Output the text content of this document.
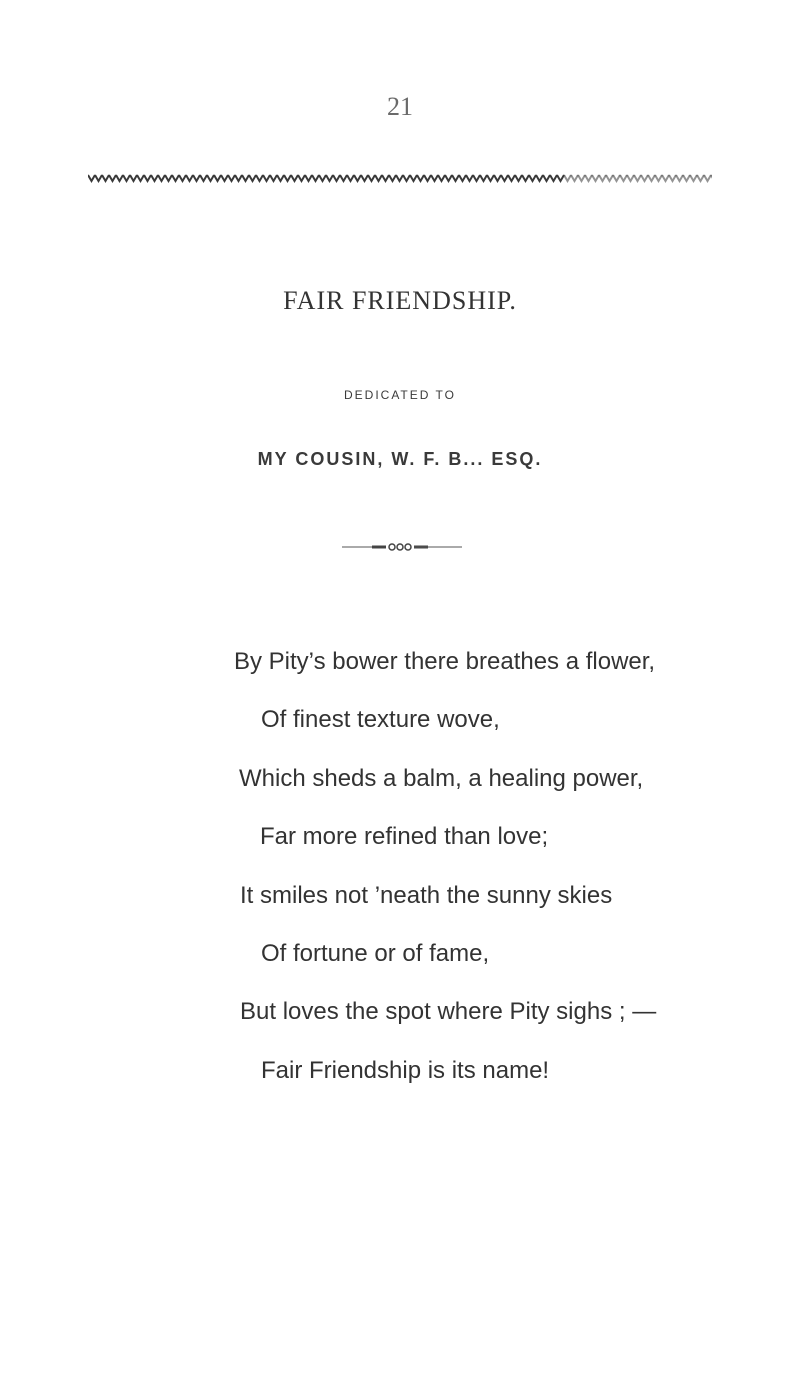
21
FAIR FRIENDSHIP.
DEDICATED TO
MY COUSIN, W. F. B... ESQ.
By Pity’s bower there breathes a flower,
Of finest texture wove,
Which sheds a balm, a healing power,
Far more refined than love;
It smiles not ’neath the sunny skies
Of fortune or of fame,
But loves the spot where Pity sighs ; —
Fair Friendship is its name!
